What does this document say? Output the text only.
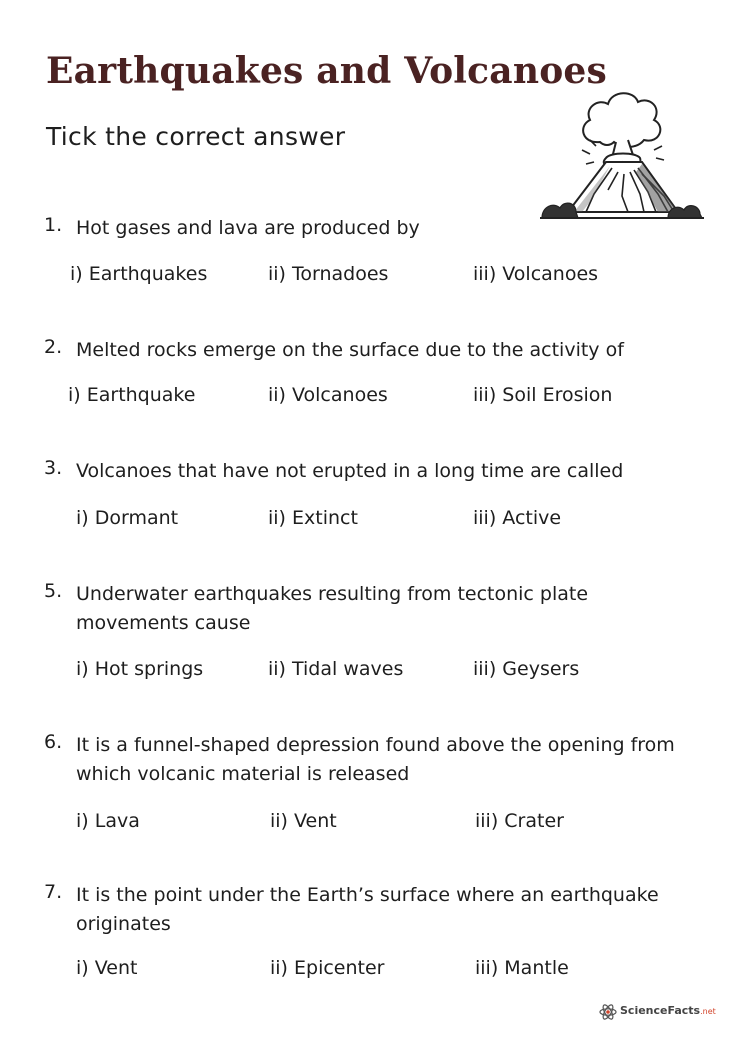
Earthquakes and Volcanoes

Tick the correct answer

1. Hot gases and lava are produced by
i) Earthquakes	ii) Tornadoes	iii) Volcanoes
2. Melted rocks emerge on the surface due to the activity of
i) Earthquake	ii) Volcanoes	iii) Soil Erosion
3. Volcanoes that have not erupted in a long time are called
i) Dormant	ii) Extinct	iii) Active
5. Underwater earthquakes resulting from tectonic plate movements cause
i) Hot springs	ii) Tidal waves	iii) Geysers
6. It is a funnel-shaped depression found above the opening from which volcanic material is released
i) Lava	ii) Vent	iii) Crater
7. It is the point under the Earth’s surface where an earthquake originates
i) Vent	ii) Epicenter	iii) Mantle
ScienceFacts.net
